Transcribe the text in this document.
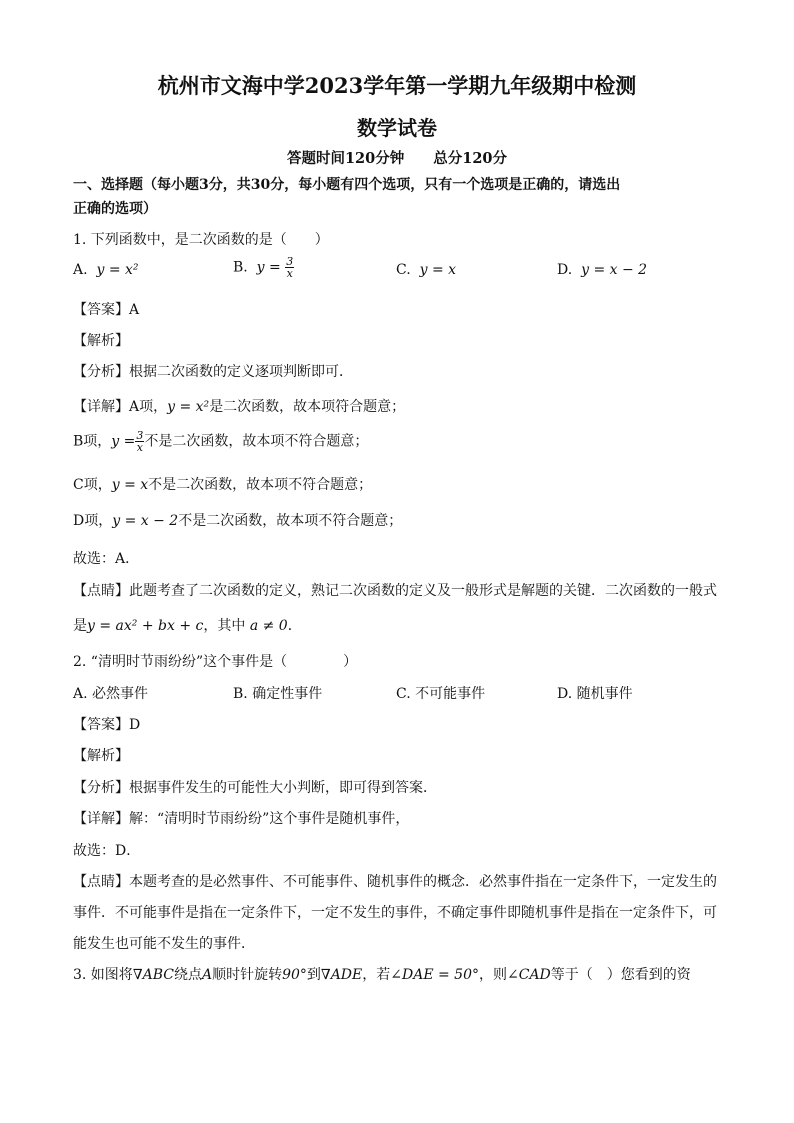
杭州市文海中学2023学年第一学期九年级期中检测
数学试卷
答题时间120分钟　　总分120分
一、选择题（每小题3分，共30分，每小题有四个选项，只有一个选项是正确的，请选出
正确的选项）
1. 下列函数中，是二次函数的是（　　）
A. y = x²	B. $y = \frac{3}{x}$	C. y = x	D. y = x − 2
【答案】A
【解析】
【分析】根据二次函数的定义逐项判断即可．
【详解】A项，y = x²是二次函数，故本项符合题意；
B项，$y = \frac{3}{x}$ 不是二次函数，故本项不符合题意；
C项，y = x不是二次函数，故本项不符合题意；
D项，y = x − 2不是二次函数，故本项不符合题意；
故选：A．
【点睛】此题考查了二次函数的定义，熟记二次函数的定义及一般形式是解题的关键．二次函数的一般式
是y = ax² + bx + c，其中 a ≠ 0．
2. “清明时节雨纷纷”这个事件是（　　　　）
A. 必然事件	B. 确定性事件	C. 不可能事件	D. 随机事件
【答案】D
【解析】
【分析】根据事件发生的可能性大小判断，即可得到答案．
【详解】解：“清明时节雨纷纷”这个事件是随机事件，
故选：D．
【点睛】本题考查的是必然事件、不可能事件、随机事件的概念．必然事件指在一定条件下，一定发生的
事件．不可能事件是指在一定条件下，一定不发生的事件，不确定事件即随机事件是指在一定条件下，可
能发生也可能不发生的事件．
3. 如图将∇ABC绕点A顺时针旋转90°到∇ADE，若∠DAE = 50°，则∠CAD等于（　）您看到的资
